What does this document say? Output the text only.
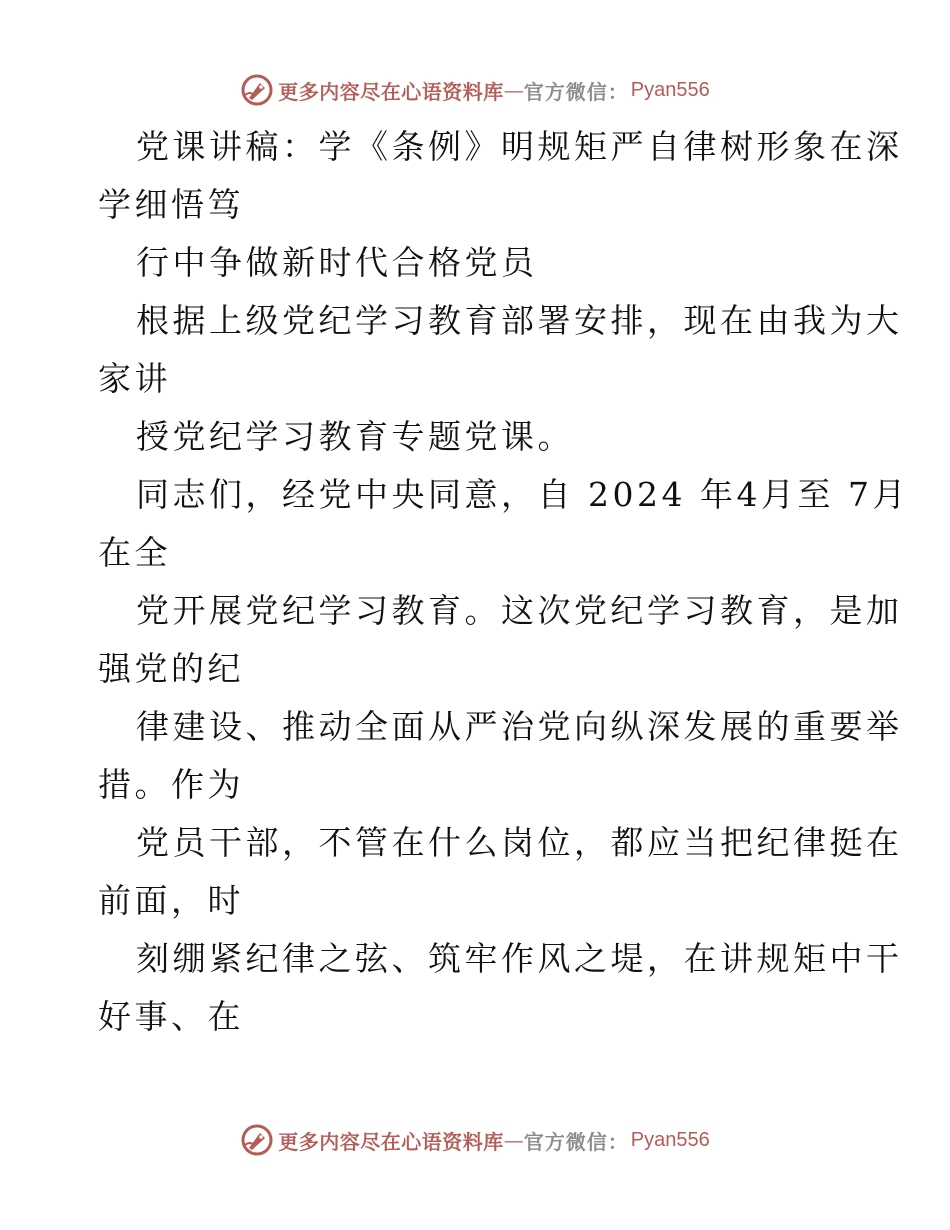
更多内容尽在心语资料库 — 官方微信： Pyan556
党课讲稿：学《条例》明规矩严自律树形象在深
学细悟笃
行中争做新时代合格党员
根据上级党纪学习教育部署安排，现在由我为大
家讲
授党纪学习教育专题党课。
同志们，经党中央同意，自 2024 年4月至 7月
在全
党开展党纪学习教育。这次党纪学习教育，是加
强党的纪
律建设、推动全面从严治党向纵深发展的重要举
措。作为
党员干部，不管在什么岗位，都应当把纪律挺在
前面，时
刻绷紧纪律之弦、筑牢作风之堤，在讲规矩中干
好事、在
更多内容尽在心语资料库 — 官方微信： Pyan556
